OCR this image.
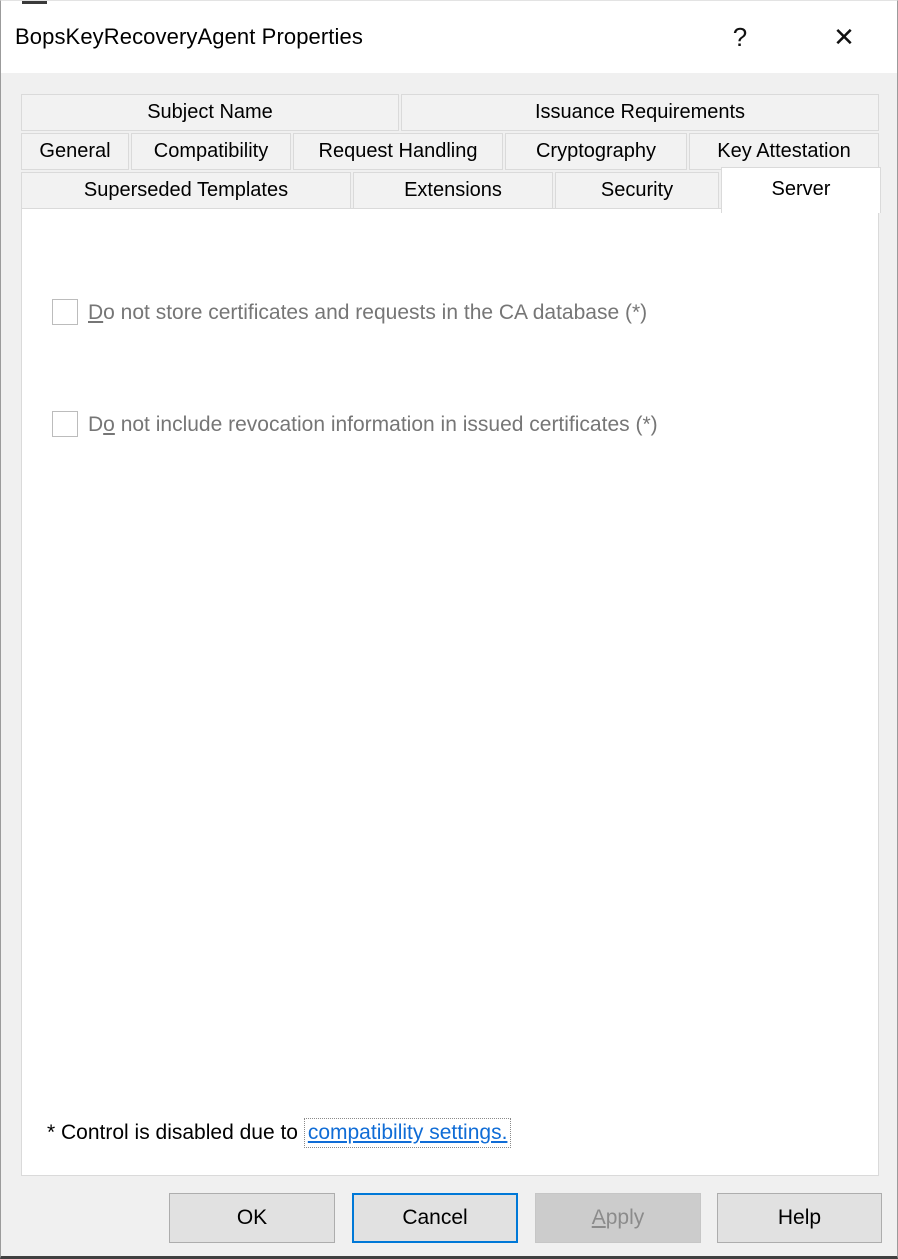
BopsKeyRecoveryAgent Properties	?	✕
Subject Name	Issuance Requirements
General	Compatibility	Request Handling	Cryptography	Key Attestation
Superseded Templates	Extensions	Security	Server
Do not store certificates and requests in the CA database (*)
Do not include revocation information in issued certificates (*)
* Control is disabled due to compatibility settings.
OK	Cancel	Apply	Help
